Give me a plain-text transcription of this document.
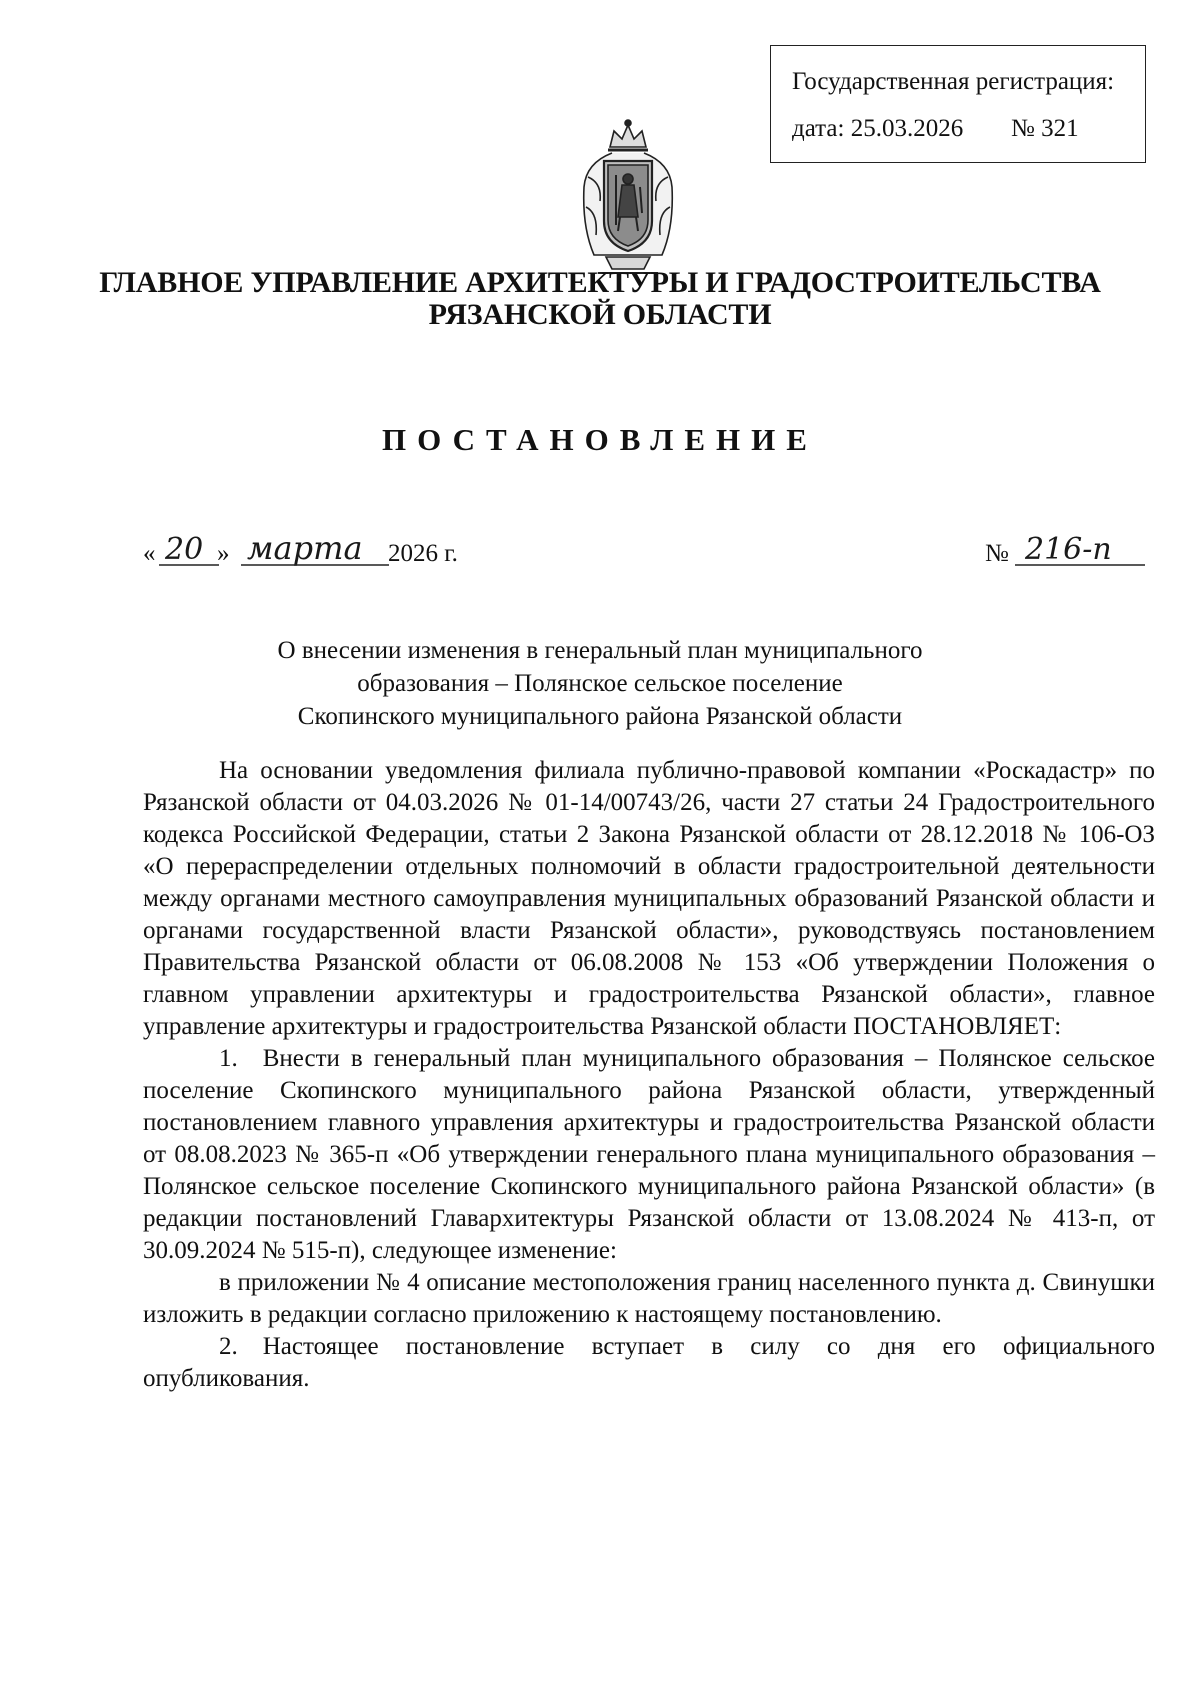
Государственная регистрация:
дата: 25.03.2026 № 321
ГЛАВНОЕ УПРАВЛЕНИЕ АРХИТЕКТУРЫ И ГРАДОСТРОИТЕЛЬСТВА
РЯЗАНСКОЙ ОБЛАСТИ
ПОСТАНОВЛЕНИЕ
« 20 » марта 2026 г.	№ 216-п
О внесении изменения в генеральный план муниципального
образования – Полянское сельское поселение
Скопинского муниципального района Рязанской области

На основании уведомления филиала публично-правовой компании «Роскадастр» по Рязанской области от 04.03.2026 № 01-14/00743/26, части 27 статьи 24 Градостроительного кодекса Российской Федерации, статьи 2 Закона Рязанской области от 28.12.2018 № 106-ОЗ «О перераспределении отдельных полномочий в области градостроительной деятельности между органами местного самоуправления муниципальных образований Рязанской области и органами государственной власти Рязанской области», руководствуясь постановлением Правительства Рязанской области от 06.08.2008 № 153 «Об утверждении Положения о главном управлении архитектуры и градостроительства Рязанской области», главное управление архитектуры и градостроительства Рязанской области ПОСТАНОВЛЯЕТ:

1. Внести в генеральный план муниципального образования – Полянское сельское поселение Скопинского муниципального района Рязанской области, утвержденный постановлением главного управления архитектуры и градостроительства Рязанской области от 08.08.2023 № 365-п «Об утверждении генерального плана муниципального образования – Полянское сельское поселение Скопинского муниципального района Рязанской области» (в редакции постановлений Главархитектуры Рязанской области от 13.08.2024 № 413-п, от 30.09.2024 № 515-п), следующее изменение:

в приложении № 4 описание местоположения границ населенного пункта д. Свинушки изложить в редакции согласно приложению к настоящему постановлению.

2. Настоящее постановление вступает в силу со дня его официального опубликования.
